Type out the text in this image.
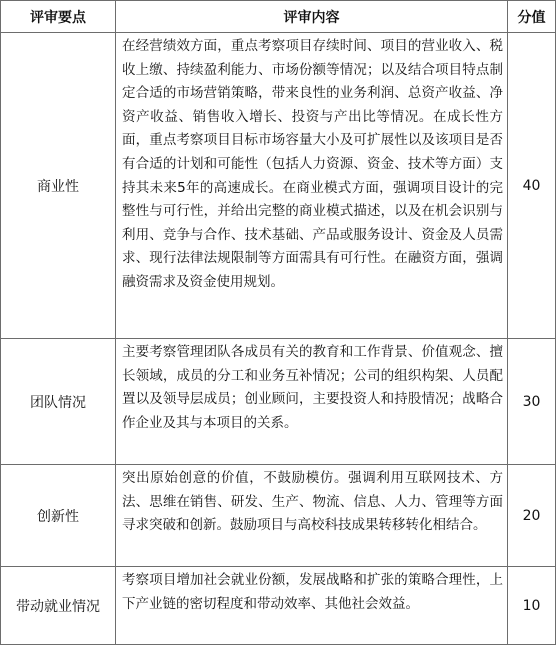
评审要点	评审内容	分值
商业性	在经营绩效方面，重点考察项目存续时间、项目的营业收入、税收上缴、持续盈利能力、市场份额等情况；以及结合项目特点制定合适的市场营销策略，带来良性的业务利润、总资产收益、净资产收益、销售收入增长、投资与产出比等情况。在成长性方面，重点考察项目目标市场容量大小及可扩展性以及该项目是否有合适的计划和可能性（包括人力资源、资金、技术等方面）支持其未来5年的高速成长。在商业模式方面，强调项目设计的完整性与可行性，并给出完整的商业模式描述，以及在机会识别与利用、竞争与合作、技术基础、产品或服务设计、资金及人员需求、现行法律法规限制等方面需具有可行性。在融资方面，强调融资需求及资金使用规划。	40
团队情况	主要考察管理团队各成员有关的教育和工作背景、价值观念、擅长领域，成员的分工和业务互补情况；公司的组织构架、人员配置以及领导层成员；创业顾问，主要投资人和持股情况；战略合作企业及其与本项目的关系。	30
创新性	突出原始创意的价值，不鼓励模仿。强调利用互联网技术、方法、思维在销售、研发、生产、物流、信息、人力、管理等方面寻求突破和创新。鼓励项目与高校科技成果转移转化相结合。	20
带动就业情况	考察项目增加社会就业份额，发展战略和扩张的策略合理性，上下产业链的密切程度和带动效率、其他社会效益。	10
